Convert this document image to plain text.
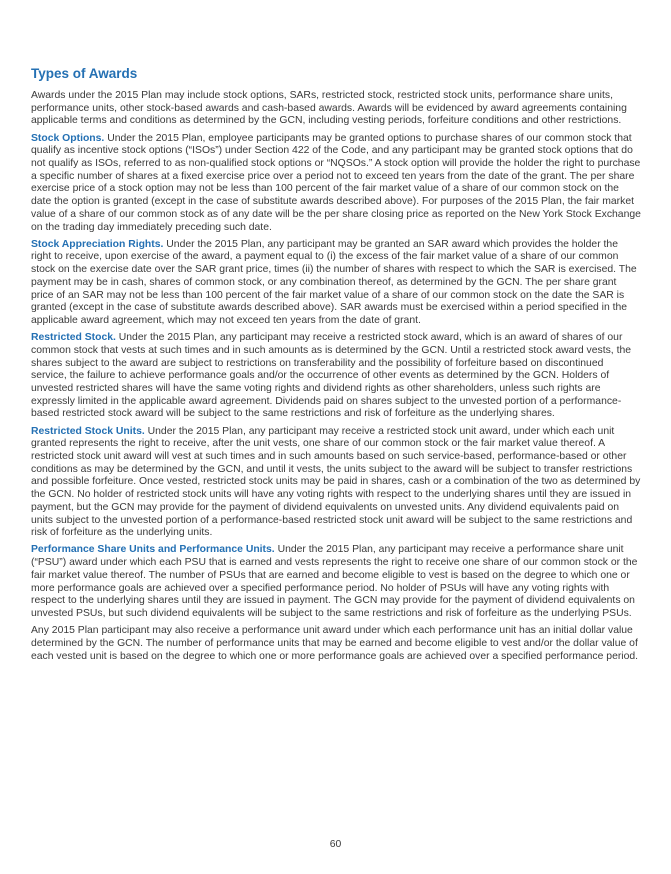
Types of Awards

Awards under the 2015 Plan may include stock options, SARs, restricted stock, restricted stock units, performance share units, performance units, other stock-based awards and cash-based awards. Awards will be evidenced by award agreements containing applicable terms and conditions as determined by the GCN, including vesting periods, forfeiture conditions and other restrictions.

Stock Options. Under the 2015 Plan, employee participants may be granted options to purchase shares of our common stock that qualify as incentive stock options (“ISOs”) under Section 422 of the Code, and any participant may be granted stock options that do not qualify as ISOs, referred to as non-qualified stock options or “NQSOs.” A stock option will provide the holder the right to purchase a specific number of shares at a fixed exercise price over a period not to exceed ten years from the date of the grant. The per share exercise price of a stock option may not be less than 100 percent of the fair market value of a share of our common stock on the date the option is granted (except in the case of substitute awards described above). For purposes of the 2015 Plan, the fair market value of a share of our common stock as of any date will be the per share closing price as reported on the New York Stock Exchange on the trading day immediately preceding such date.

Stock Appreciation Rights. Under the 2015 Plan, any participant may be granted an SAR award which provides the holder the right to receive, upon exercise of the award, a payment equal to (i) the excess of the fair market value of a share of our common stock on the exercise date over the SAR grant price, times (ii) the number of shares with respect to which the SAR is exercised. The payment may be in cash, shares of common stock, or any combination thereof, as determined by the GCN. The per share grant price of an SAR may not be less than 100 percent of the fair market value of a share of our common stock on the date the SAR is granted (except in the case of substitute awards described above). SAR awards must be exercised within a period specified in the applicable award agreement, which may not exceed ten years from the date of grant.

Restricted Stock. Under the 2015 Plan, any participant may receive a restricted stock award, which is an award of shares of our common stock that vests at such times and in such amounts as is determined by the GCN. Until a restricted stock award vests, the shares subject to the award are subject to restrictions on transferability and the possibility of forfeiture based on discontinued service, the failure to achieve performance goals and/or the occurrence of other events as determined by the GCN. Holders of unvested restricted shares will have the same voting rights and dividend rights as other shareholders, unless such rights are expressly limited in the applicable award agreement. Dividends paid on shares subject to the unvested portion of a performance-based restricted stock award will be subject to the same restrictions and risk of forfeiture as the underlying shares.

Restricted Stock Units. Under the 2015 Plan, any participant may receive a restricted stock unit award, under which each unit granted represents the right to receive, after the unit vests, one share of our common stock or the fair market value thereof. A restricted stock unit award will vest at such times and in such amounts based on such service-based, performance-based or other conditions as may be determined by the GCN, and until it vests, the units subject to the award will be subject to transfer restrictions and possible forfeiture. Once vested, restricted stock units may be paid in shares, cash or a combination of the two as determined by the GCN. No holder of restricted stock units will have any voting rights with respect to the underlying shares until they are issued in payment, but the GCN may provide for the payment of dividend equivalents on unvested units. Any dividend equivalents paid on units subject to the unvested portion of a performance-based restricted stock unit award will be subject to the same restrictions and risk of forfeiture as the underlying units.

Performance Share Units and Performance Units. Under the 2015 Plan, any participant may receive a performance share unit (“PSU”) award under which each PSU that is earned and vests represents the right to receive one share of our common stock or the fair market value thereof. The number of PSUs that are earned and become eligible to vest is based on the degree to which one or more performance goals are achieved over a specified performance period. No holder of PSUs will have any voting rights with respect to the underlying shares until they are issued in payment. The GCN may provide for the payment of dividend equivalents on unvested PSUs, but such dividend equivalents will be subject to the same restrictions and risk of forfeiture as the underlying PSUs.

Any 2015 Plan participant may also receive a performance unit award under which each performance unit has an initial dollar value determined by the GCN. The number of performance units that may be earned and become eligible to vest and/or the dollar value of each vested unit is based on the degree to which one or more performance goals are achieved over a specified performance period.

60
